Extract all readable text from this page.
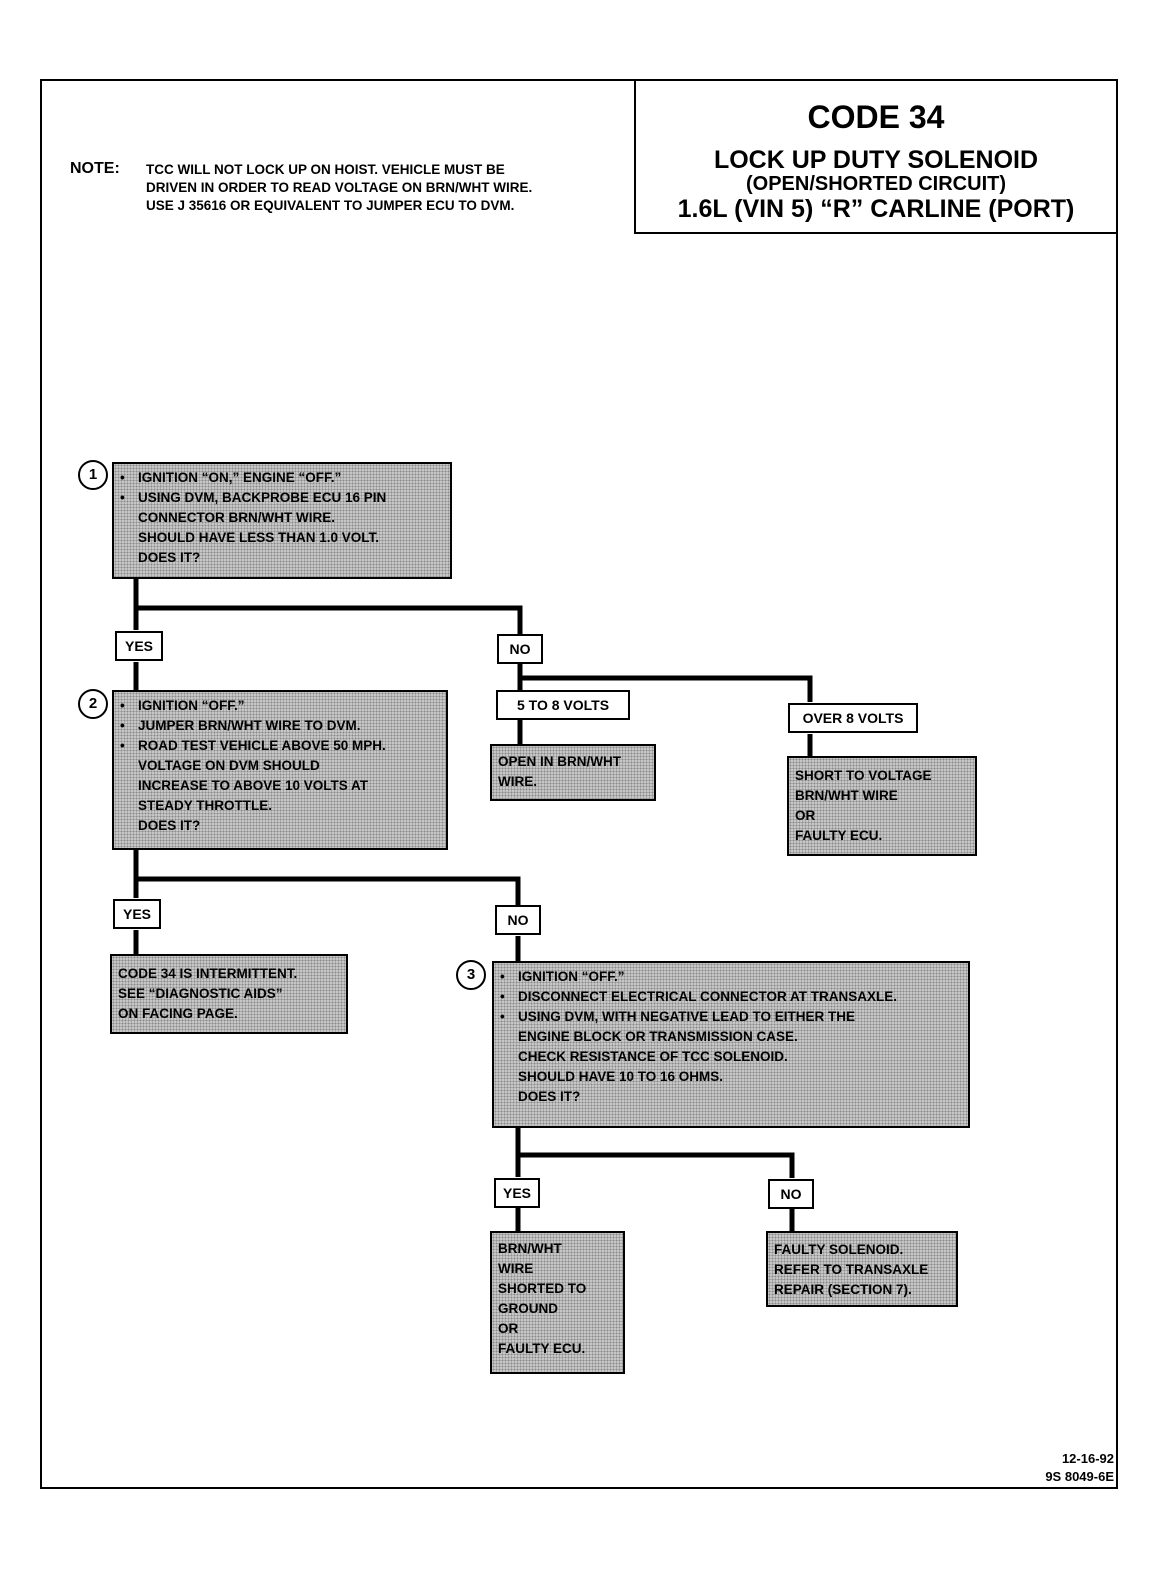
CODE 34
LOCK UP DUTY SOLENOID
(OPEN/SHORTED CIRCUIT)
1.6L (VIN 5) “R” CARLINE (PORT)
NOTE: TCC WILL NOT LOCK UP ON HOIST. VEHICLE MUST BE DRIVEN IN ORDER TO READ VOLTAGE ON BRN/WHT WIRE. USE J 35616 OR EQUIVALENT TO JUMPER ECU TO DVM.
1	• IGNITION “ON,” ENGINE “OFF.”
• USING DVM, BACKPROBE ECU 16 PIN
CONNECTOR BRN/WHT WIRE.
SHOULD HAVE LESS THAN 1.0 VOLT.
DOES IT?
YES	NO
5 TO 8 VOLTS
OVER 8 VOLTS
OPEN IN BRN/WHT
WIRE.	SHORT TO VOLTAGE
BRN/WHT WIRE
OR
FAULTY ECU.
2	• IGNITION “OFF.”
• JUMPER BRN/WHT WIRE TO DVM.
• ROAD TEST VEHICLE ABOVE 50 MPH.
VOLTAGE ON DVM SHOULD
INCREASE TO ABOVE 10 VOLTS AT
STEADY THROTTLE.
DOES IT?
YES	NO
CODE 34 IS INTERMITTENT.
SEE “DIAGNOSTIC AIDS”
ON FACING PAGE.
3	• IGNITION “OFF.”
• DISCONNECT ELECTRICAL CONNECTOR AT TRANSAXLE.
• USING DVM, WITH NEGATIVE LEAD TO EITHER THE
ENGINE BLOCK OR TRANSMISSION CASE.
CHECK RESISTANCE OF TCC SOLENOID.
SHOULD HAVE 10 TO 16 OHMS.
DOES IT?
YES	NO
BRN/WHT
WIRE
SHORTED TO
GROUND
OR
FAULTY ECU.
FAULTY SOLENOID.
REFER TO TRANSAXLE
REPAIR (SECTION 7).
12-16-92
9S 8049-6E
